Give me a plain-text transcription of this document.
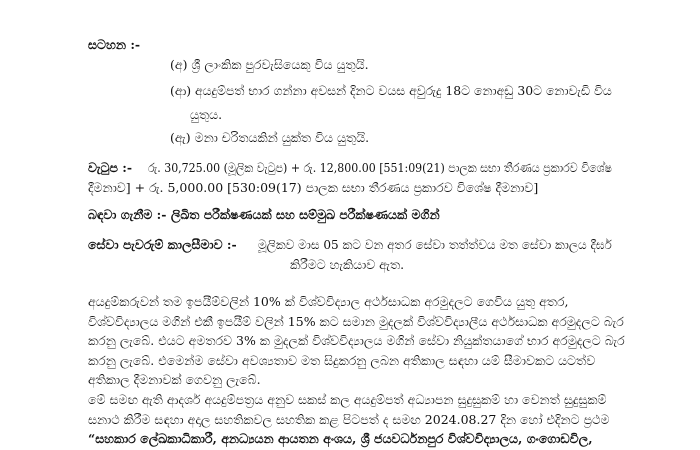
සටහන :-
(අ) ශ්‍රී ලාංකික පුරවැසියෙකු විය යුතුයි.
(ආ) අයදුම්පත් භාර ගන්නා අවසන් දිනට වයස අවුරුදු 18ට නොඅඩු 30ට නොවැඩි විය
යුතුය.
(ඇ) මනා චරිතයකින් යුක්ත විය යුතුයි.
වැටුප :- රු. 30,725.00 (මූලික වැටුප) + රු. 12,800.00 [551:09(21) පාලක සභා තීරණය ප්‍රකාරව විශේෂ
දීමනාව] + රු. 5,000.00 [530:09(17) පාලක සභා තීරණය ප්‍රකාරව විශේෂ දීමනාව]
බඳවා ගැනීම :- ලිඛිත පරීක්ෂණයක් සහ සම්මුඛ පරීක්ෂණයක් මගින්
සේවා පැවරුම් කාලසීමාව :- මූලිකව මාස 05 කට වන අතර සේවා තත්ත්වය මත සේවා කාලය දීර්ඝ
කිරීමට හැකියාව ඇත.
අයදුම්කරුවන් තම ඉපයීම්වලින් 10% ක් විශ්වවිද්‍යාල අර්ථසාධක අරමුදලට ගෙවිය යුතු අතර,
විශ්වවිද්‍යාලය මගින් එකී ඉපයීම් වලින් 15% කට සමාන මුදලක් විශ්වවිද්‍යාලීය අර්ථසාධක අරමුදලට බැර
කරනු ලැබේ. එයට අමතරව 3% ක මුදලක් විශ්වවිද්‍යාලය මගින් සේවා නියුක්තයාගේ භාර අරමුදලට බැර
කරනු ලැබේ. එමෙන්ම සේවා අවශ්‍යතාව මත සිදුකරනු ලබන අතිකාල සඳහා යම් සීමාවකට යටත්ව
අතිකාල දීමනාවක් ගෙවනු ලැබේ.
මේ සමඟ ඇති ආදර්ශ අයදුම්පත්‍රය අනුව සකස් කල අයදුම්පත් අධ්‍යාපන සුදුසුකම් හා වෙනත් සුදුසුකම්
සනාථ කිරීම සඳහා අදාල සහතිකවල සහතික කළ පිටපත් ද සමඟ 2024.08.27 දින හෝ එදිනට ප්‍රථම
“සහකාර ලේඛකාධිකාරී, අනධ්‍යයන ආයතන අංශය, ශ්‍රී ජයවර්ධනපුර විශ්වවිද්‍යාලය, ගංගොඩවිල,
